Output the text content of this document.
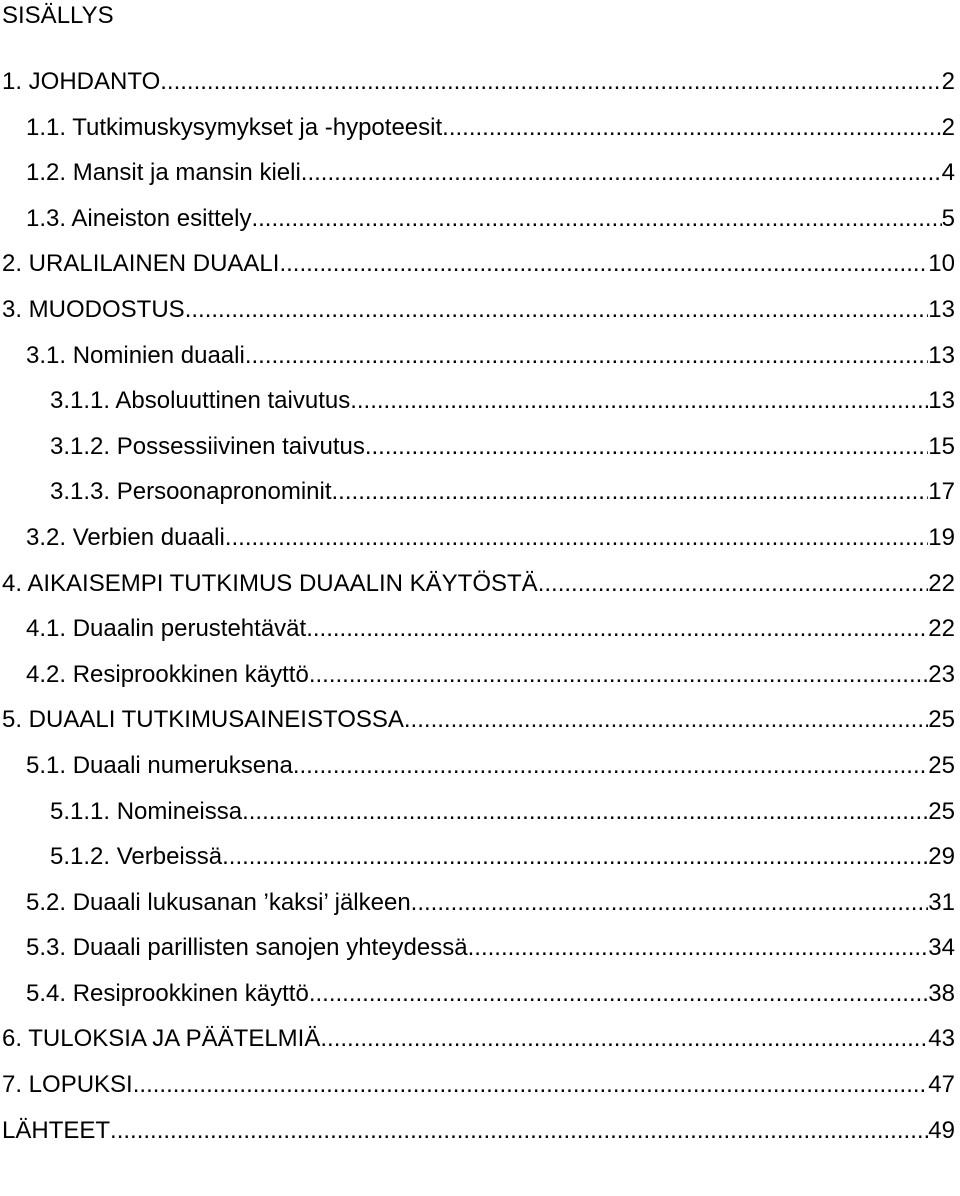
SISÄLLYS
1. JOHDANTO .....	2
1.1. Tutkimuskysymykset ja -hypoteesit .....	2
1.2. Mansit ja mansin kieli .....	4
1.3. Aineiston esittely .....	5
2. URALILAINEN DUAALI .....	10
3. MUODOSTUS .....	13
3.1. Nominien duaali .....	13
3.1.1. Absoluuttinen taivutus .....	13
3.1.2. Possessiivinen taivutus .....	15
3.1.3. Persoonapronominit .....	17
3.2. Verbien duaali .....	19
4. AIKAISEMPI TUTKIMUS DUAALIN KÄYTÖSTÄ .....	22
4.1. Duaalin perustehtävät .....	22
4.2. Resiprookkinen käyttö .....	23
5. DUAALI TUTKIMUSAINEISTOSSA .....	25
5.1. Duaali numeruksena .....	25
5.1.1. Nomineissa .....	25
5.1.2. Verbeissä .....	29
5.2. Duaali lukusanan ’kaksi’ jälkeen .....	31
5.3. Duaali parillisten sanojen yhteydessä .....	34
5.4. Resiprookkinen käyttö .....	38
6. TULOKSIA JA PÄÄTELMIÄ .....	43
7. LOPUKSI .....	47
LÄHTEET .....	49
